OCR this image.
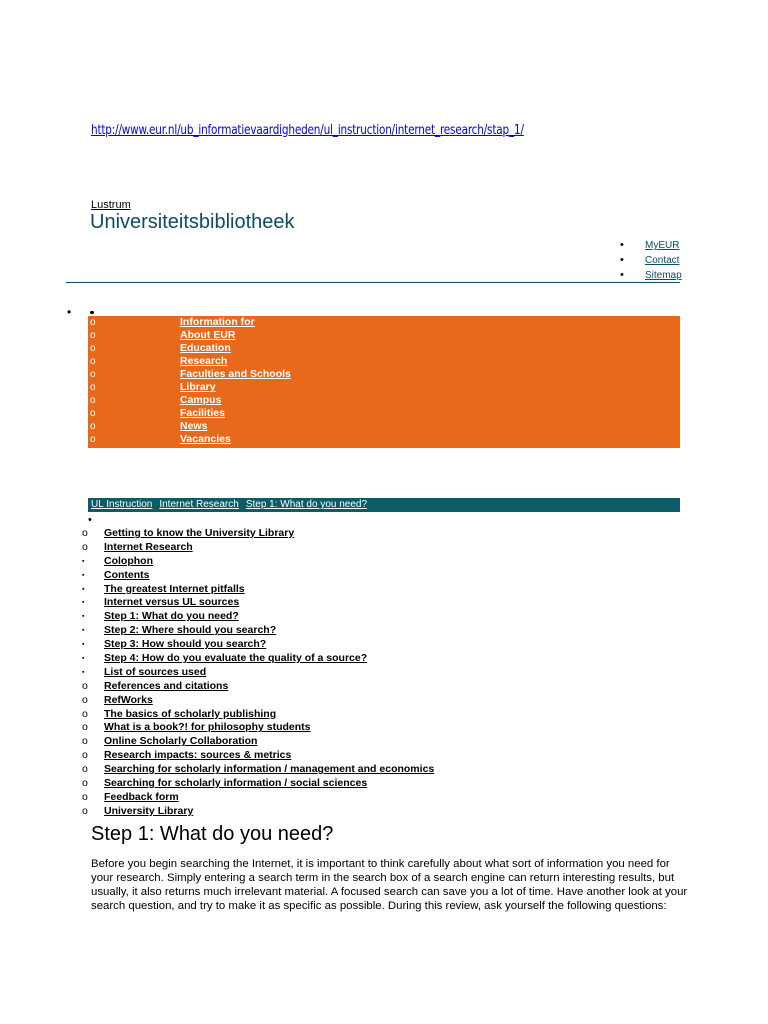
http://www.eur.nl/ub_informatievaardigheden/ul_instruction/internet_research/stap_1/
Lustrum
Universiteitsbibliotheek
• MyEUR
• Contact
• Sitemap
•
o	Information for
o	About EUR
o	Education
o	Research
o	Faculties and Schools
o	Library
o	Campus
o	Facilities
o	News
o	Vacancies
UL Instruction Internet Research Step 1: What do you need?
•
o	Getting to know the University Library
o	Internet Research
▪	Colophon
▪	Contents
▪	The greatest Internet pitfalls
▪	Internet versus UL sources
▪	Step 1: What do you need?
▪	Step 2: Where should you search?
▪	Step 3: How should you search?
▪	Step 4: How do you evaluate the quality of a source?
▪	List of sources used
o	References and citations
o	RefWorks
o	The basics of scholarly publishing
o	What is a book?! for philosophy students
o	Online Scholarly Collaboration
o	Research impacts: sources & metrics
o	Searching for scholarly information / management and economics
o	Searching for scholarly information / social sciences
o	Feedback form
o	University Library
Step 1: What do you need?

Before you begin searching the Internet, it is important to think carefully about what sort of information you need for your research. Simply entering a search term in the search box of a search engine can return interesting results, but usually, it also returns much irrelevant material. A focused search can save you a lot of time. Have another look at your search question, and try to make it as specific as possible. During this review, ask yourself the following questions:
